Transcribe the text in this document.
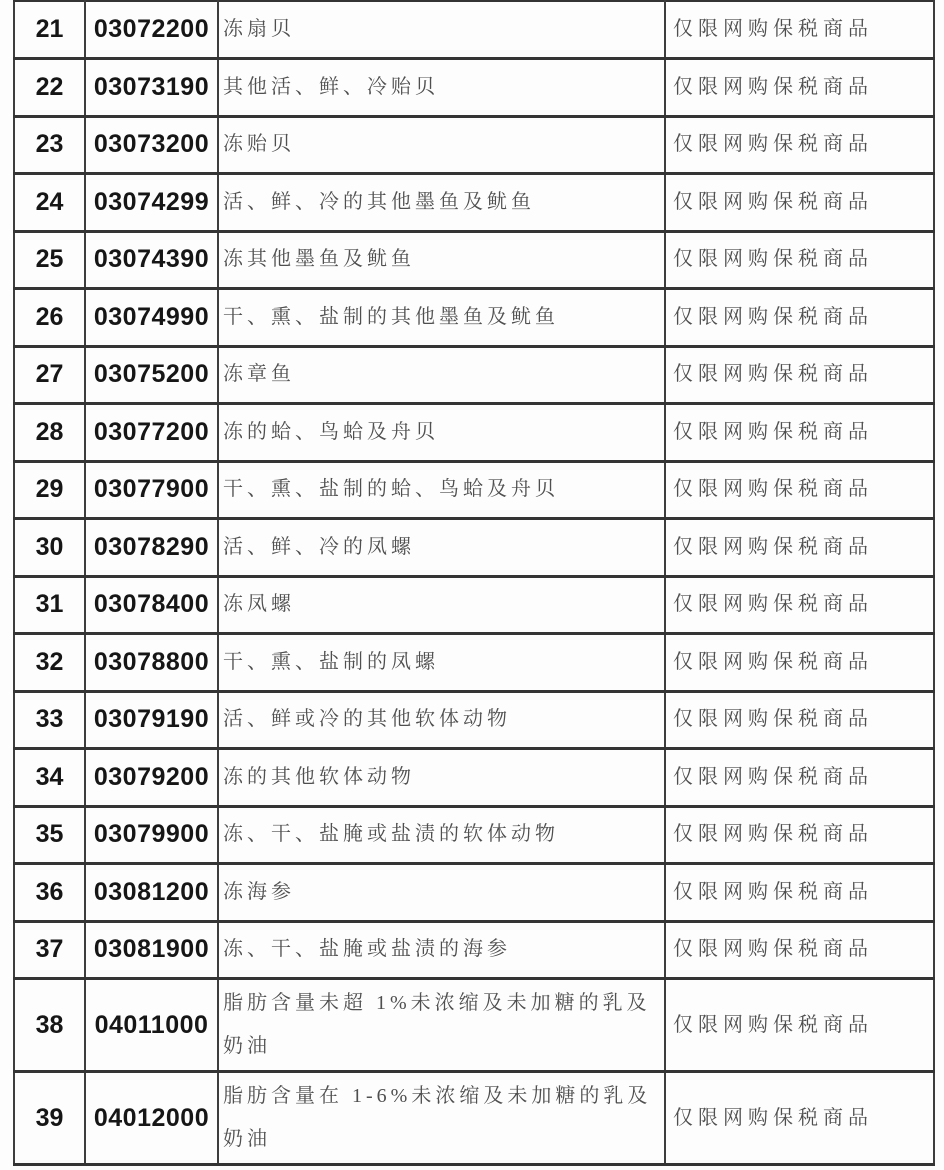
21	03072200	冻扇贝	仅限网购保税商品
22	03073190	其他活、鲜、冷贻贝	仅限网购保税商品
23	03073200	冻贻贝	仅限网购保税商品
24	03074299	活、鲜、冷的其他墨鱼及鱿鱼	仅限网购保税商品
25	03074390	冻其他墨鱼及鱿鱼	仅限网购保税商品
26	03074990	干、熏、盐制的其他墨鱼及鱿鱼	仅限网购保税商品
27	03075200	冻章鱼	仅限网购保税商品
28	03077200	冻的蛤、鸟蛤及舟贝	仅限网购保税商品
29	03077900	干、熏、盐制的蛤、鸟蛤及舟贝	仅限网购保税商品
30	03078290	活、鲜、冷的凤螺	仅限网购保税商品
31	03078400	冻凤螺	仅限网购保税商品
32	03078800	干、熏、盐制的凤螺	仅限网购保税商品
33	03079190	活、鲜或冷的其他软体动物	仅限网购保税商品
34	03079200	冻的其他软体动物	仅限网购保税商品
35	03079900	冻、干、盐腌或盐渍的软体动物	仅限网购保税商品
36	03081200	冻海参	仅限网购保税商品
37	03081900	冻、干、盐腌或盐渍的海参	仅限网购保税商品
38	04011000	脂肪含量未超 1%未浓缩及未加糖的乳及奶油	仅限网购保税商品
39	04012000	脂肪含量在 1-6%未浓缩及未加糖的乳及奶油	仅限网购保税商品
